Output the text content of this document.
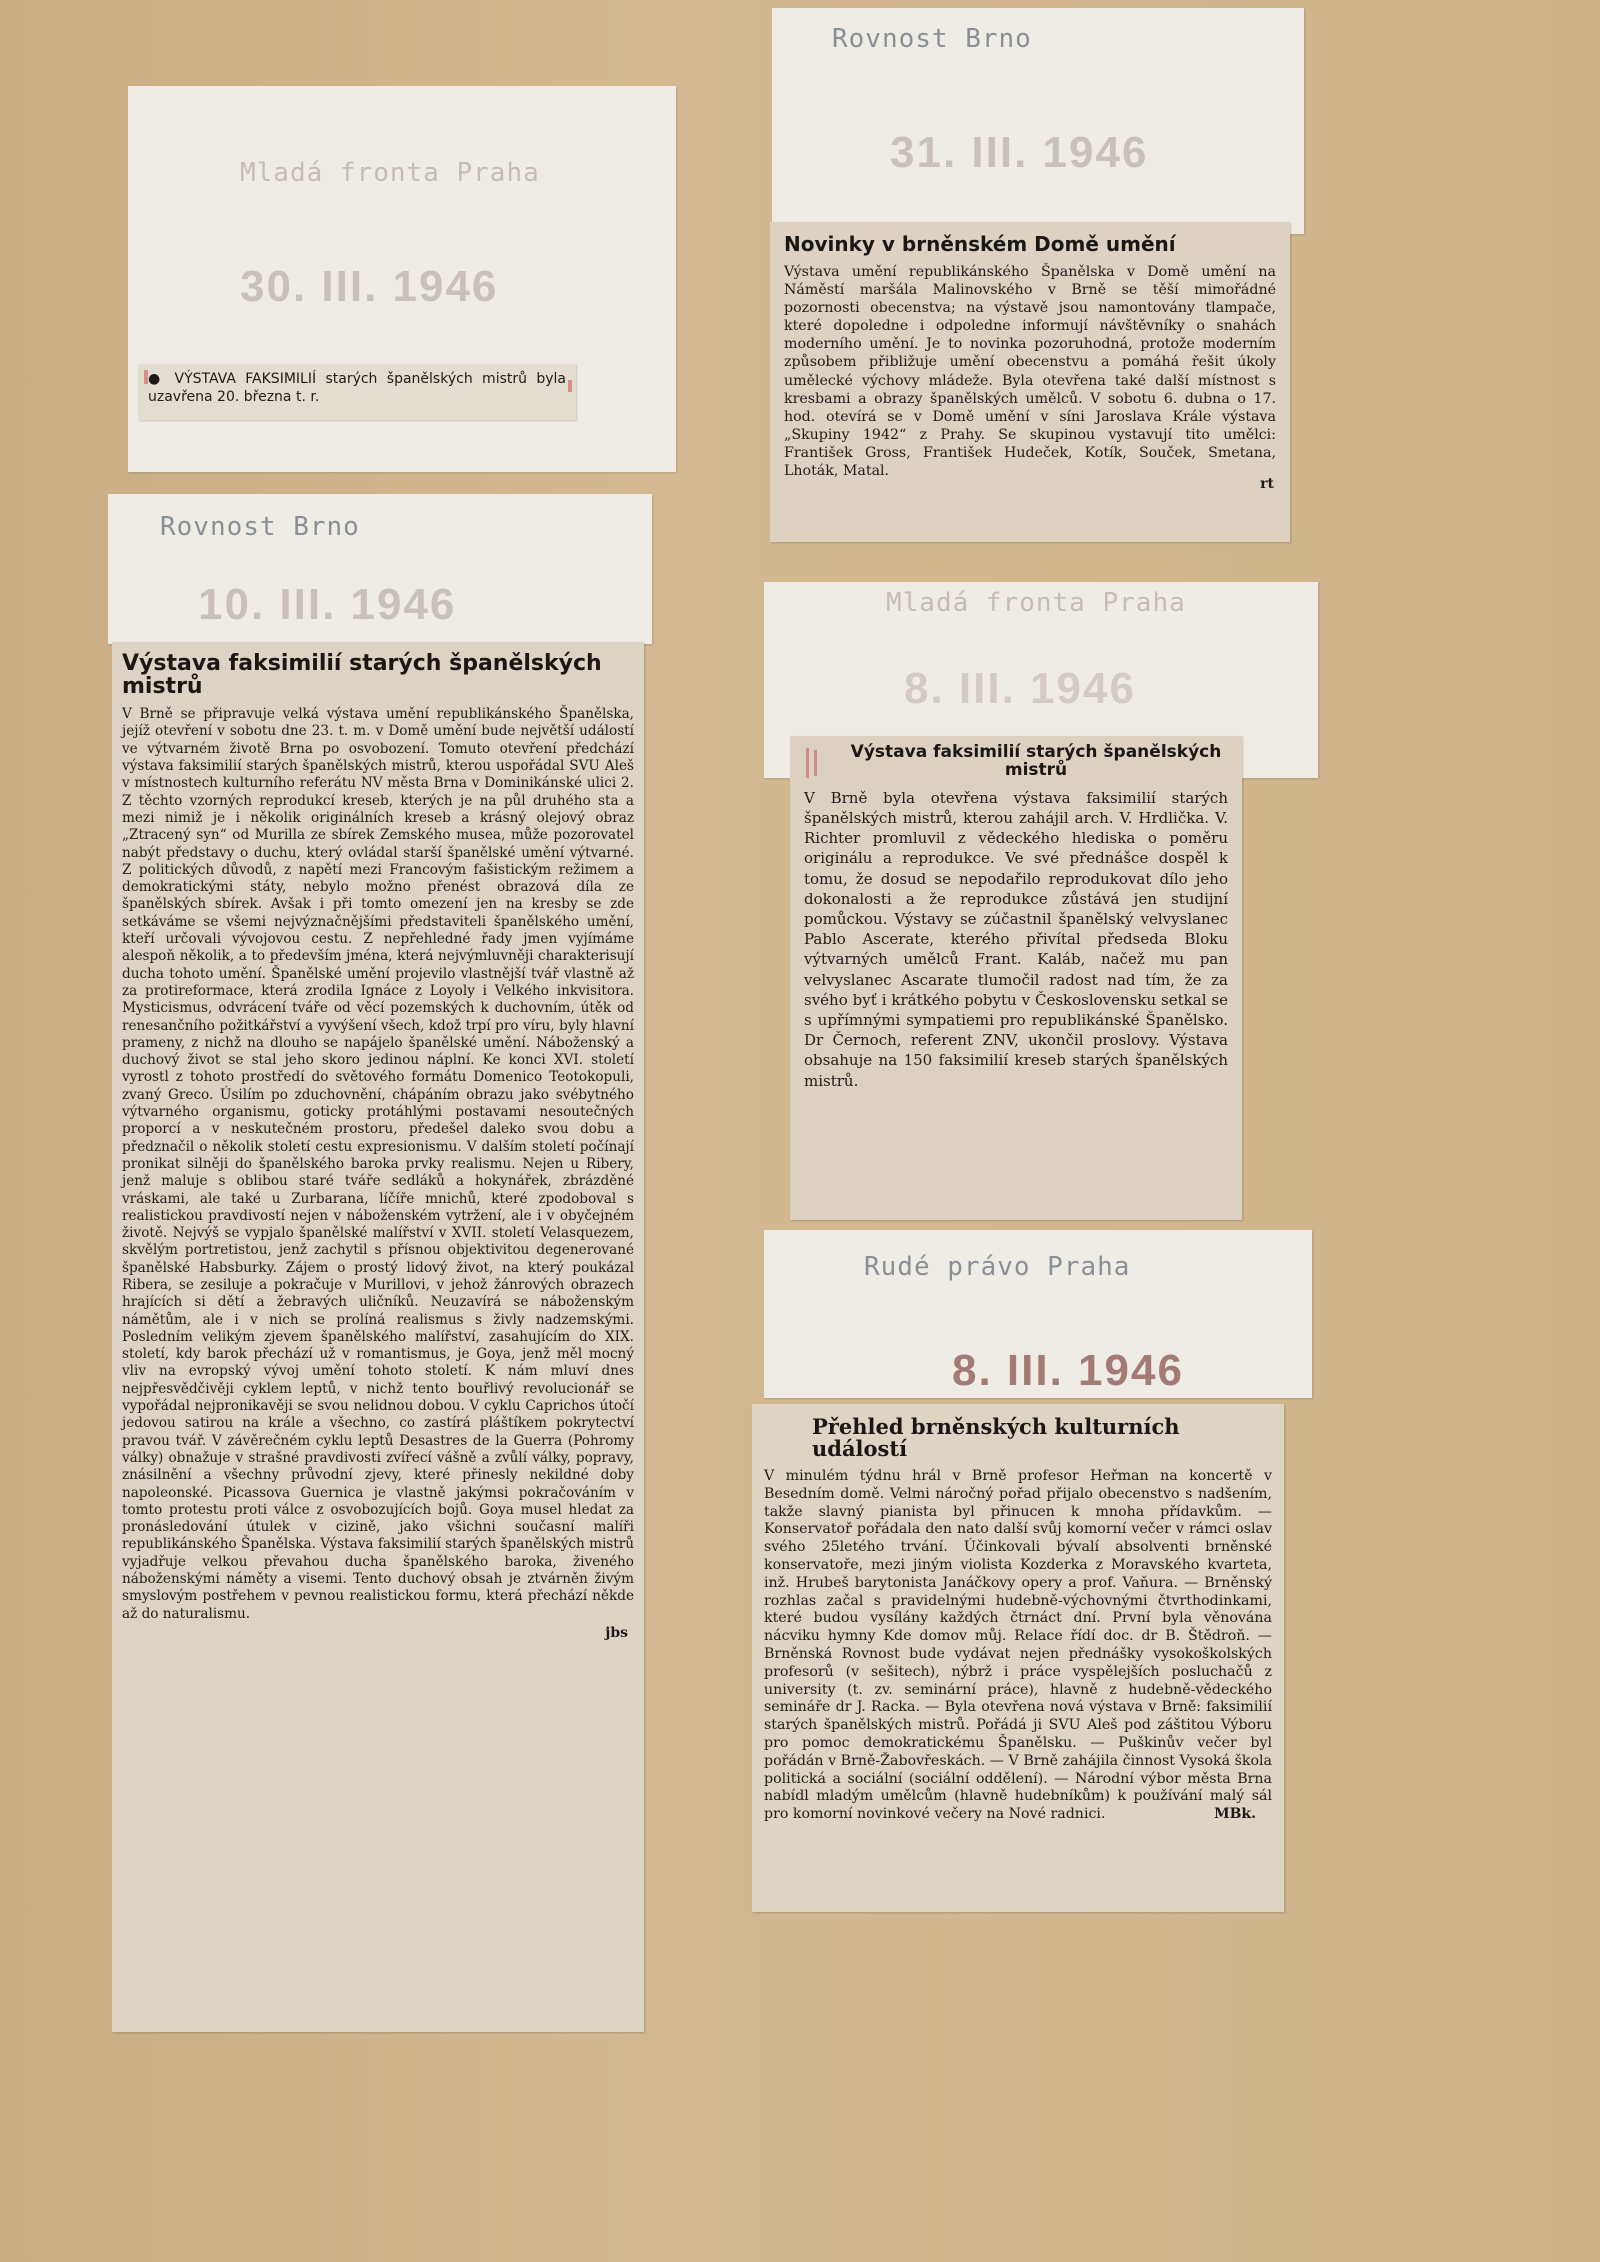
Mladá fronta Praha
30. III. 1946

● VÝSTAVA FAKSIMILIÍ starých španělských mistrů byla uzavřena 20. března t. r.

Rovnost Brno
10. III. 1946
Výstava faksimilií starých španělských mistrů

V Brně se připravuje velká výstava umění republikánského Španělska, jejíž otevření v sobotu dne 23. t. m. v Domě umění bude největší událostí ve výtvarném životě Brna po osvobození. Tomuto otevření předchází výstava faksimilií starých španělských mistrů, kterou uspořádal SVU Aleš v místnostech kulturního referátu NV města Brna v Dominikánské ulici 2. Z těchto vzorných reprodukcí kreseb, kterých je na půl druhého sta a mezi nimiž je i několik originálních kreseb a krásný olejový obraz „Ztracený syn“ od Murilla ze sbírek Zemského musea, může pozorovatel nabýt představy o duchu, který ovládal starší španělské umění výtvarné. Z politických důvodů, z napětí mezi Francovým fašistickým režimem a demokratickými státy, nebylo možno přenést obrazová díla ze španělských sbírek. Avšak i při tomto omezení jen na kresby se zde setkáváme se všemi nejvýznačnějšími představiteli španělského umění, kteří určovali vývojovou cestu. Z nepřehledné řady jmen vyjímáme alespoň několik, a to především jména, která nejvýmluvněji charakterisují ducha tohoto umění. Španělské umění projevilo vlastnější tvář vlastně až za protireformace, která zrodila Ignáce z Loyoly i Velkého inkvisitora. Mysticismus, odvrácení tváře od věcí pozemských k duchovním, útěk od renesančního požitkářství a vyvýšení všech, kdož trpí pro víru, byly hlavní prameny, z nichž na dlouho se napájelo španělské umění. Náboženský a duchový život se stal jeho skoro jedinou náplní. Ke konci XVI. století vyrostl z tohoto prostředí do světového formátu Domenico Teotokopuli, zvaný Greco. Úsilím po zduchovnění, chápáním obrazu jako svébytného výtvarného organismu, goticky protáhlými postavami nesoutečných proporcí a v neskutečném prostoru, předešel daleko svou dobu a předznačil o několik století cestu expresionismu. V dalším století počínají pronikat silněji do španělského baroka prvky realismu. Nejen u Ribery, jenž maluje s oblibou staré tváře sedláků a hokynářek, zbrázděné vráskami, ale také u Zurbarana, líčíře mnichů, které zpodoboval s realistickou pravdivostí nejen v náboženském vytržení, ale i v obyčejném životě. Nejvýš se vypjalo španělské malířství v XVII. století Velasquezem, skvělým portretistou, jenž zachytil s přísnou objektivitou degenerované španělské Habsburky. Zájem o prostý lidový život, na který poukázal Ribera, se zesiluje a pokračuje v Murillovi, v jehož žánrových obrazech hrajících si dětí a žebravých uličníků. Neuzavírá se náboženským námětům, ale i v nich se prolíná realismus s živly nadzemskými. Posledním velikým zjevem španělského malířství, zasahujícím do XIX. století, kdy barok přechází už v romantismus, je Goya, jenž měl mocný vliv na evropský vývoj umění tohoto století. K nám mluví dnes nejpřesvědčivěji cyklem leptů, v nichž tento bouřlivý revolucionář se vypořádal nejpronikavěji se svou nelidnou dobou. V cyklu Caprichos útočí jedovou satirou na krále a všechno, co zastírá pláštíkem pokrytectví pravou tvář. V závěrečném cyklu leptů Desastres de la Guerra (Pohromy války) obnažuje v strašné pravdivosti zvířecí vášně a zvůlí války, popravy, znásilnění a všechny průvodní zjevy, které přinesly nekildné doby napoleonské. Picassova Guernica je vlastně jakýmsi pokračováním v tomto protestu proti válce z osvobozujících bojů. Goya musel hledat za pronásledování útulek v cizině, jako všichni současní malíři republikánského Španělska. Výstava faksimilií starých španělských mistrů vyjadřuje velkou převahou ducha španělského baroka, živeného náboženskými náměty a visemi. Tento duchový obsah je ztvárněn živým smyslovým postřehem v pevnou realistickou formu, která přechází někde až do naturalismu.

jbs
Rovnost Brno
31. III. 1946
Novinky v brněnském Domě umění

Výstava umění republikánského Španělska v Domě umění na Náměstí maršála Malinovského v Brně se těší mimořádné pozornosti obecenstva; na výstavě jsou namontovány tlampače, které dopoledne i odpoledne informují návštěvníky o snahách moderního umění. Je to novinka pozoruhodná, protože moderním způsobem přibližuje umění obecenstvu a pomáhá řešit úkoly umělecké výchovy mládeže. Byla otevřena také další místnost s kresbami a obrazy španělských umělců. V sobotu 6. dubna o 17. hod. otevírá se v Domě umění v síni Jaroslava Krále výstava „Skupiny 1942“ z Prahy. Se skupinou vystavují tito umělci: František Gross, František Hudeček, Kotík, Souček, Smetana, Lhoták, Matal.

rt
Mladá fronta Praha
8. III. 1946
Výstava faksimilií starých španělských mistrů

V Brně byla otevřena výstava faksimilií starých španělských mistrů, kterou zahájil arch. V. Hrdlička. V. Richter promluvil z vědeckého hlediska o poměru originálu a reprodukce. Ve své přednášce dospěl k tomu, že dosud se nepodařilo reprodukovat dílo jeho dokonalosti a že reprodukce zůstává jen studijní pomůckou. Výstavy se zúčastnil španělský velvyslanec Pablo Ascerate, kterého přivítal předseda Bloku výtvarných umělců Frant. Kaláb, načež mu pan velvyslanec Ascarate tlumočil radost nad tím, že za svého byť i krátkého pobytu v Československu setkal se s upřímnými sympatiemi pro republikánské Španělsko. Dr Černoch, referent ZNV, ukončil proslovy. Výstava obsahuje na 150 faksimilií kreseb starých španělských mistrů.

Rudé právo Praha
8. III. 1946
Přehled brněnských kulturních událostí

V minulém týdnu hrál v Brně profesor Heřman na koncertě v Besedním domě. Velmi náročný pořad přijalo obecenstvo s nadšením, takže slavný pianista byl přinucen k mnoha přídavkům. — Konservatoř pořádala den nato další svůj komorní večer v rámci oslav svého 25letého trvání. Účinkovali bývalí absolventi brněnské konservatoře, mezi jiným violista Kozderka z Moravského kvarteta, inž. Hrubeš barytonista Janáčkovy opery a prof. Vaňura. — Brněnský rozhlas začal s pravidelnými hudebně-výchovnými čtvrthodinkami, které budou vysílány každých čtrnáct dní. První byla věnována nácviku hymny Kde domov můj. Relace řídí doc. dr B. Štědroň. — Brněnská Rovnost bude vydávat nejen přednášky vysokoškolských profesorů (v sešitech), nýbrž i práce vyspělejších posluchačů z university (t. zv. seminární práce), hlavně z hudebně-vědeckého semináře dr J. Racka. — Byla otevřena nová výstava v Brně: faksimilií starých španělských mistrů. Pořádá ji SVU Aleš pod záštitou Výboru pro pomoc demokratickému Španělsku. — Puškinův večer byl pořádán v Brně-Žabovřeskách. — V Brně zahájila činnost Vysoká škola politická a sociální (sociální oddělení). — Národní výbor města Brna nabídl mladým umělcům (hlavně hudebníkům) k používání malý sál pro komorní novinkové večery na Nové radnici.	MBk.
